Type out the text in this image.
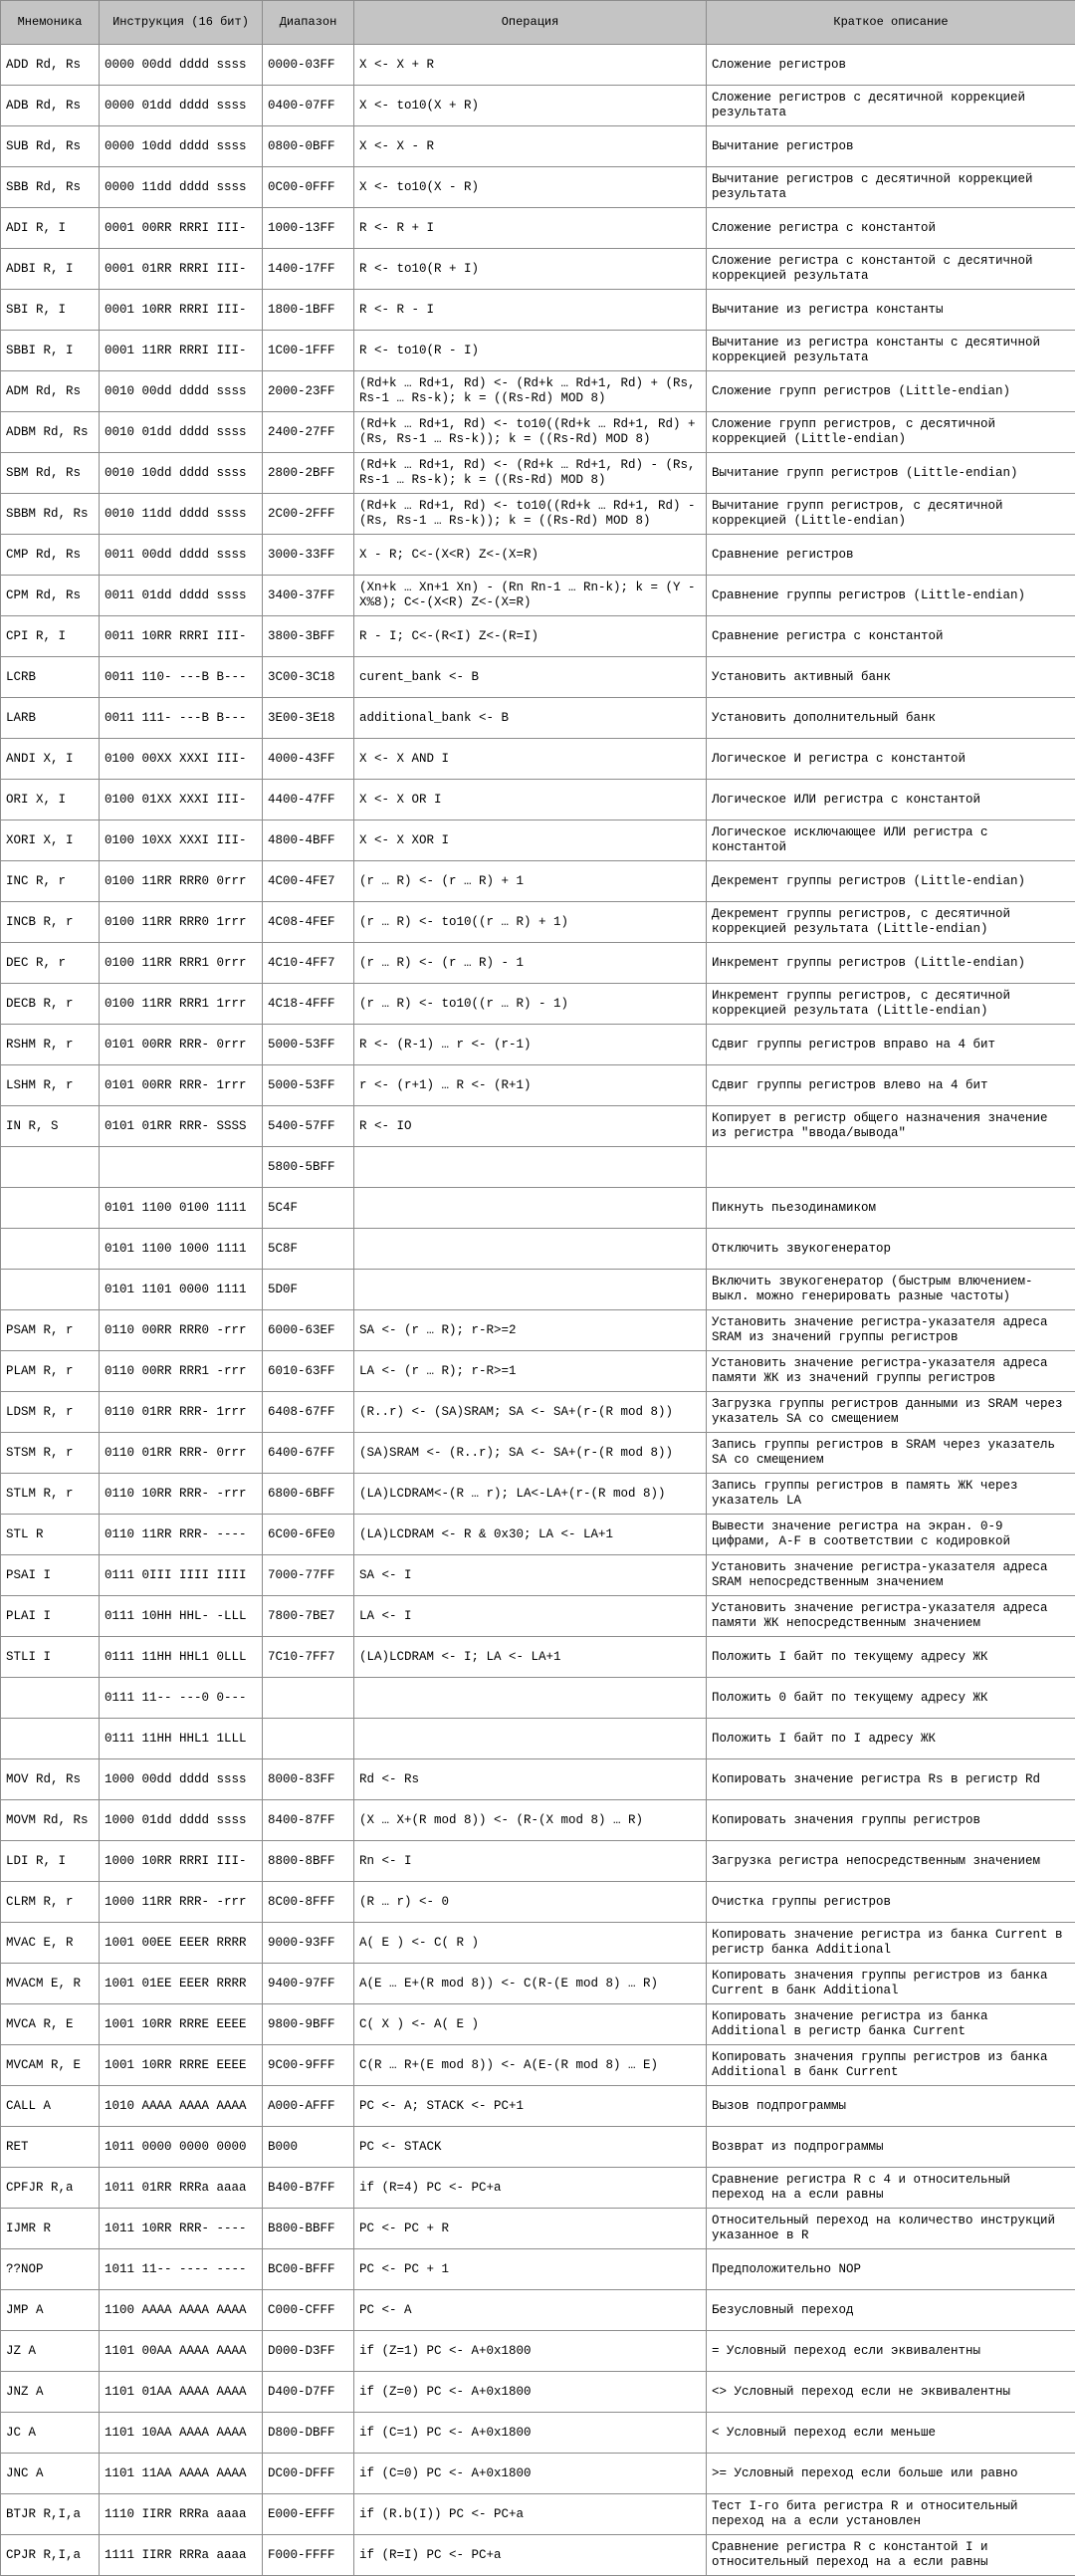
Мнемоника	Инструкция (16 бит)	Диапазон	Операция	Краткое описание
ADD Rd, Rs	0000 00dd dddd ssss	0000-03FF	X <- X + R	Сложение регистров
ADB Rd, Rs	0000 01dd dddd ssss	0400-07FF	X <- to10(X + R)	Сложение регистров с десятичной коррекцией результата
SUB Rd, Rs	0000 10dd dddd ssss	0800-0BFF	X <- X - R	Вычитание регистров
SBB Rd, Rs	0000 11dd dddd ssss	0C00-0FFF	X <- to10(X - R)	Вычитание регистров с десятичной коррекцией результата
ADI R, I	0001 00RR RRRI III-	1000-13FF	R <- R + I	Сложение регистра с константой
ADBI R, I	0001 01RR RRRI III-	1400-17FF	R <- to10(R + I)	Сложение регистра с константой с десятичной коррекцией результата
SBI R, I	0001 10RR RRRI III-	1800-1BFF	R <- R - I	Вычитание из регистра константы
SBBI R, I	0001 11RR RRRI III-	1C00-1FFF	R <- to10(R - I)	Вычитание из регистра константы с десятичной коррекцией результата
ADM Rd, Rs	0010 00dd dddd ssss	2000-23FF	(Rd+k … Rd+1, Rd) <- (Rd+k … Rd+1, Rd) + (Rs, Rs-1 … Rs-k); k = ((Rs-Rd) MOD 8)	Сложение групп регистров (Little-endian)
ADBM Rd, Rs	0010 01dd dddd ssss	2400-27FF	(Rd+k … Rd+1, Rd) <- to10((Rd+k … Rd+1, Rd) + (Rs, Rs-1 … Rs-k)); k = ((Rs-Rd) MOD 8)	Сложение групп регистров, с десятичной коррекцией (Little-endian)
SBM Rd, Rs	0010 10dd dddd ssss	2800-2BFF	(Rd+k … Rd+1, Rd) <- (Rd+k … Rd+1, Rd) - (Rs, Rs-1 … Rs-k); k = ((Rs-Rd) MOD 8)	Вычитание групп регистров (Little-endian)
SBBM Rd, Rs	0010 11dd dddd ssss	2C00-2FFF	(Rd+k … Rd+1, Rd) <- to10((Rd+k … Rd+1, Rd) - (Rs, Rs-1 … Rs-k)); k = ((Rs-Rd) MOD 8)	Вычитание групп регистров, с десятичной коррекцией (Little-endian)
CMP Rd, Rs	0011 00dd dddd ssss	3000-33FF	X - R; C<-(X<R) Z<-(X=R)	Сравнение регистров
CPM Rd, Rs	0011 01dd dddd ssss	3400-37FF	(Xn+k … Xn+1 Xn) - (Rn Rn-1 … Rn-k); k = (Y - X%8); C<-(X<R) Z<-(X=R)	Сравнение группы регистров (Little-endian)
CPI R, I	0011 10RR RRRI III-	3800-3BFF	R - I; C<-(R<I) Z<-(R=I)	Сравнение регистра с константой
LCRB	0011 110- ---B B---	3C00-3C18	curent_bank <- B	Установить активный банк
LARB	0011 111- ---B B---	3E00-3E18	additional_bank <- B	Установить дополнительный банк
ANDI X, I	0100 00XX XXXI III-	4000-43FF	X <- X AND I	Логическое И регистра с константой
ORI X, I	0100 01XX XXXI III-	4400-47FF	X <- X OR I	Логическое ИЛИ регистра с константой
XORI X, I	0100 10XX XXXI III-	4800-4BFF	X <- X XOR I	Логическое исключающее ИЛИ регистра с константой
INC R, r	0100 11RR RRR0 0rrr	4C00-4FE7	(r … R) <- (r … R) + 1	Декремент группы регистров (Little-endian)
INCB R, r	0100 11RR RRR0 1rrr	4C08-4FEF	(r … R) <- to10((r … R) + 1)	Декремент группы регистров, с десятичной коррекцией результата (Little-endian)
DEC R, r	0100 11RR RRR1 0rrr	4C10-4FF7	(r … R) <- (r … R) - 1	Инкремент группы регистров (Little-endian)
DECB R, r	0100 11RR RRR1 1rrr	4C18-4FFF	(r … R) <- to10((r … R) - 1)	Инкремент группы регистров, с десятичной коррекцией результата (Little-endian)
RSHM R, r	0101 00RR RRR- 0rrr	5000-53FF	R <- (R-1) … r <- (r-1)	Сдвиг группы регистров вправо на 4 бит
LSHM R, r	0101 00RR RRR- 1rrr	5000-53FF	r <- (r+1) … R <- (R+1)	Сдвиг группы регистров влево на 4 бит
IN R, S	0101 01RR RRR- SSSS	5400-57FF	R <- IO	Копирует в регистр общего назначения значение из регистра "ввода/вывода"
		5800-5BFF		
	0101 1100 0100 1111	5C4F		Пикнуть пьезодинамиком
	0101 1100 1000 1111	5C8F		Отключить звукогенератор
	0101 1101 0000 1111	5D0F		Включить звукогенератор (быстрым влючением-выкл. можно генерировать разные частоты)
PSAM R, r	0110 00RR RRR0 -rrr	6000-63EF	SA <- (r … R); r-R>=2	Установить значение регистра-указателя адреса SRAM из значений группы регистров
PLAM R, r	0110 00RR RRR1 -rrr	6010-63FF	LA <- (r … R); r-R>=1	Установить значение регистра-указателя адреса памяти ЖК из значений группы регистров
LDSM R, r	0110 01RR RRR- 1rrr	6408-67FF	(R..r) <- (SA)SRAM; SA <- SA+(r-(R mod 8))	Загрузка группы регистров данными из SRAM через указатель SA со смещением
STSM R, r	0110 01RR RRR- 0rrr	6400-67FF	(SA)SRAM <- (R..r); SA <- SA+(r-(R mod 8))	Запись группы регистров в SRAM через указатель SA со смещением
STLM R, r	0110 10RR RRR- -rrr	6800-6BFF	(LA)LCDRAM<-(R … r); LA<-LA+(r-(R mod 8))	Запись группы регистров в память ЖК через указатель LA
STL R	0110 11RR RRR- ----	6C00-6FE0	(LA)LCDRAM <- R & 0x30; LA <- LA+1	Вывести значение регистра на экран. 0-9 цифрами, A-F в соответствии с кодировкой
PSAI I	0111 0III IIII IIII	7000-77FF	SA <- I	Установить значение регистра-указателя адреса SRAM непосредственным значением
PLAI I	0111 10HH HHL- -LLL	7800-7BE7	LA <- I	Установить значение регистра-указателя адреса памяти ЖК непосредственным значением
STLI I	0111 11HH HHL1 0LLL	7C10-7FF7	(LA)LCDRAM <- I; LA <- LA+1	Положить I байт по текущему адресу ЖК
	0111 11-- ---0 0---			Положить 0 байт по текущему адресу ЖК
	0111 11HH HHL1 1LLL			Положить I байт по I адресу ЖК
MOV Rd, Rs	1000 00dd dddd ssss	8000-83FF	Rd <- Rs	Копировать значение регистра Rs в регистр Rd
MOVM Rd, Rs	1000 01dd dddd ssss	8400-87FF	(X … X+(R mod 8)) <- (R-(X mod 8) … R)	Копировать значения группы регистров
LDI R, I	1000 10RR RRRI III-	8800-8BFF	Rn <- I	Загрузка регистра непосредственным значением
CLRM R, r	1000 11RR RRR- -rrr	8C00-8FFF	(R … r) <- 0	Очистка группы регистров
MVAC E, R	1001 00EE EEER RRRR	9000-93FF	A( E ) <- C( R )	Копировать значение регистра из банка Current в регистр банка Additional
MVACM E, R	1001 01EE EEER RRRR	9400-97FF	A(E … E+(R mod 8)) <- C(R-(E mod 8) … R)	Копировать значения группы регистров из банка Current в банк Additional
MVCA R, E	1001 10RR RRRE EEEE	9800-9BFF	C( X ) <- A( E )	Копировать значение регистра из банка Additional в регистр банка Current
MVCAM R, E	1001 10RR RRRE EEEE	9C00-9FFF	C(R … R+(E mod 8)) <- A(E-(R mod 8) … E)	Копировать значения группы регистров из банка Additional в банк Current
CALL A	1010 AAAA AAAA AAAA	A000-AFFF	PC <- A; STACK <- PC+1	Вызов подпрограммы
RET	1011 0000 0000 0000	B000	PC <- STACK	Возврат из подпрограммы
CPFJR R,a	1011 01RR RRRa aaaa	B400-B7FF	if (R=4) PC <- PC+a	Сравнение регистра R с 4 и относительный переход на a если равны
IJMR R	1011 10RR RRR- ----	B800-BBFF	PC <- PC + R	Относительный переход на количество инструкций указанное в R
??NOP	1011 11-- ---- ----	BC00-BFFF	PC <- PC + 1	Предположительно NOP
JMP A	1100 AAAA AAAA AAAA	C000-CFFF	PC <- A	Безусловный переход
JZ A	1101 00AA AAAA AAAA	D000-D3FF	if (Z=1) PC <- A+0x1800	= Условный переход если эквивалентны
JNZ A	1101 01AA AAAA AAAA	D400-D7FF	if (Z=0) PC <- A+0x1800	<> Условный переход если не эквивалентны
JC A	1101 10AA AAAA AAAA	D800-DBFF	if (C=1) PC <- A+0x1800	< Условный переход если меньше
JNC A	1101 11AA AAAA AAAA	DC00-DFFF	if (C=0) PC <- A+0x1800	>= Условный переход если больше или равно
BTJR R,I,a	1110 IIRR RRRa aaaa	E000-EFFF	if (R.b(I)) PC <- PC+a	Тест I-го бита регистра R и относительный переход на a если установлен
CPJR R,I,a	1111 IIRR RRRa aaaa	F000-FFFF	if (R=I) PC <- PC+a	Сравнение регистра R с константой I и относительный переход на a если равны
